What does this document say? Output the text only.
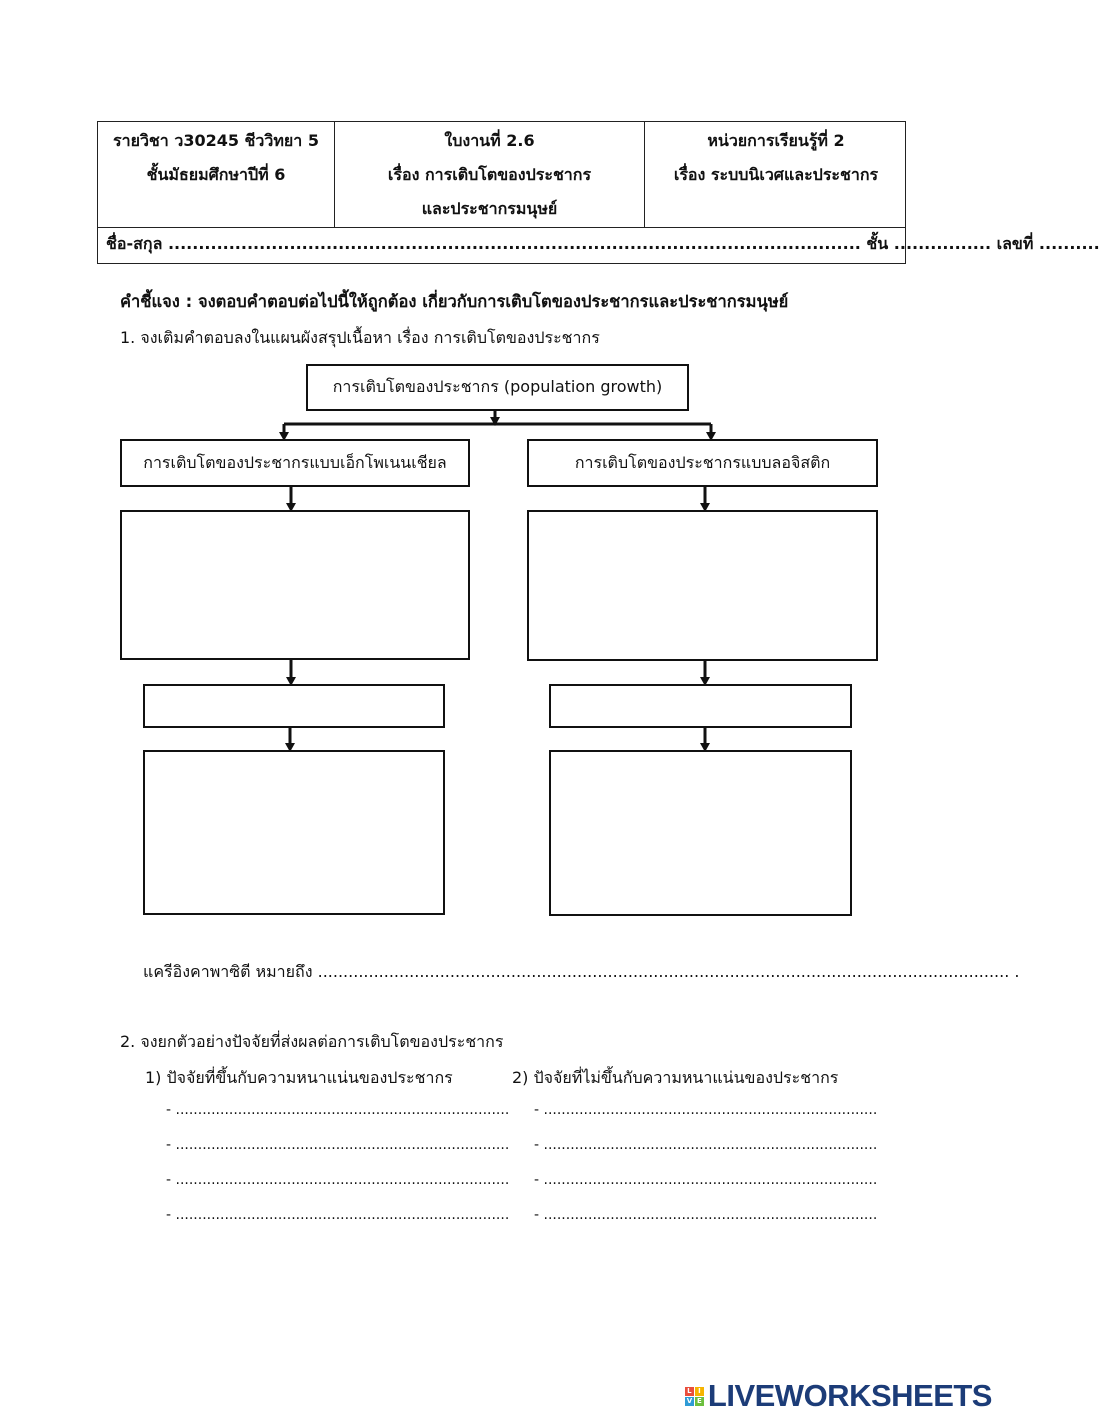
รายวิชา ว30245 ชีววิทยา 5
ชั้นมัธยมศึกษาปีที่ 6
ใบงานที่ 2.6
เรื่อง การเติบโตของประชากร
และประชากรมนุษย์
หน่วยการเรียนรู้ที่ 2
เรื่อง ระบบนิเวศและประชากร
ชื่อ-สกุล .................................................................................................................. ชั้น ................ เลขที่ ..........
คำชี้แจง : จงตอบคำตอบต่อไปนี้ให้ถูกต้อง เกี่ยวกับการเติบโตของประชากรและประชากรมนุษย์
1. จงเติมคำตอบลงในแผนผังสรุปเนื้อหา เรื่อง การเติบโตของประชากร
การเติบโตของประชากร (population growth)
การเติบโตของประชากรแบบเอ็กโพเนนเชียล	การเติบโตของประชากรแบบลอจิสติก
แครีอิงคาพาซิตี หมายถึง ........................................................................................................................................ .
2. จงยกตัวอย่างปัจจัยที่ส่งผลต่อการเติบโตของประชากร
1) ปัจจัยที่ขึ้นกับความหนาแน่นของประชากร	2) ปัจจัยที่ไม่ขึ้นกับความหนาแน่นของประชากร
- ...........................................................................
- ...........................................................................
- ...........................................................................
- ...........................................................................
- ...........................................................................
- ...........................................................................
- ...........................................................................
- ...........................................................................
L I
V E LIVEWORKSHEETS
